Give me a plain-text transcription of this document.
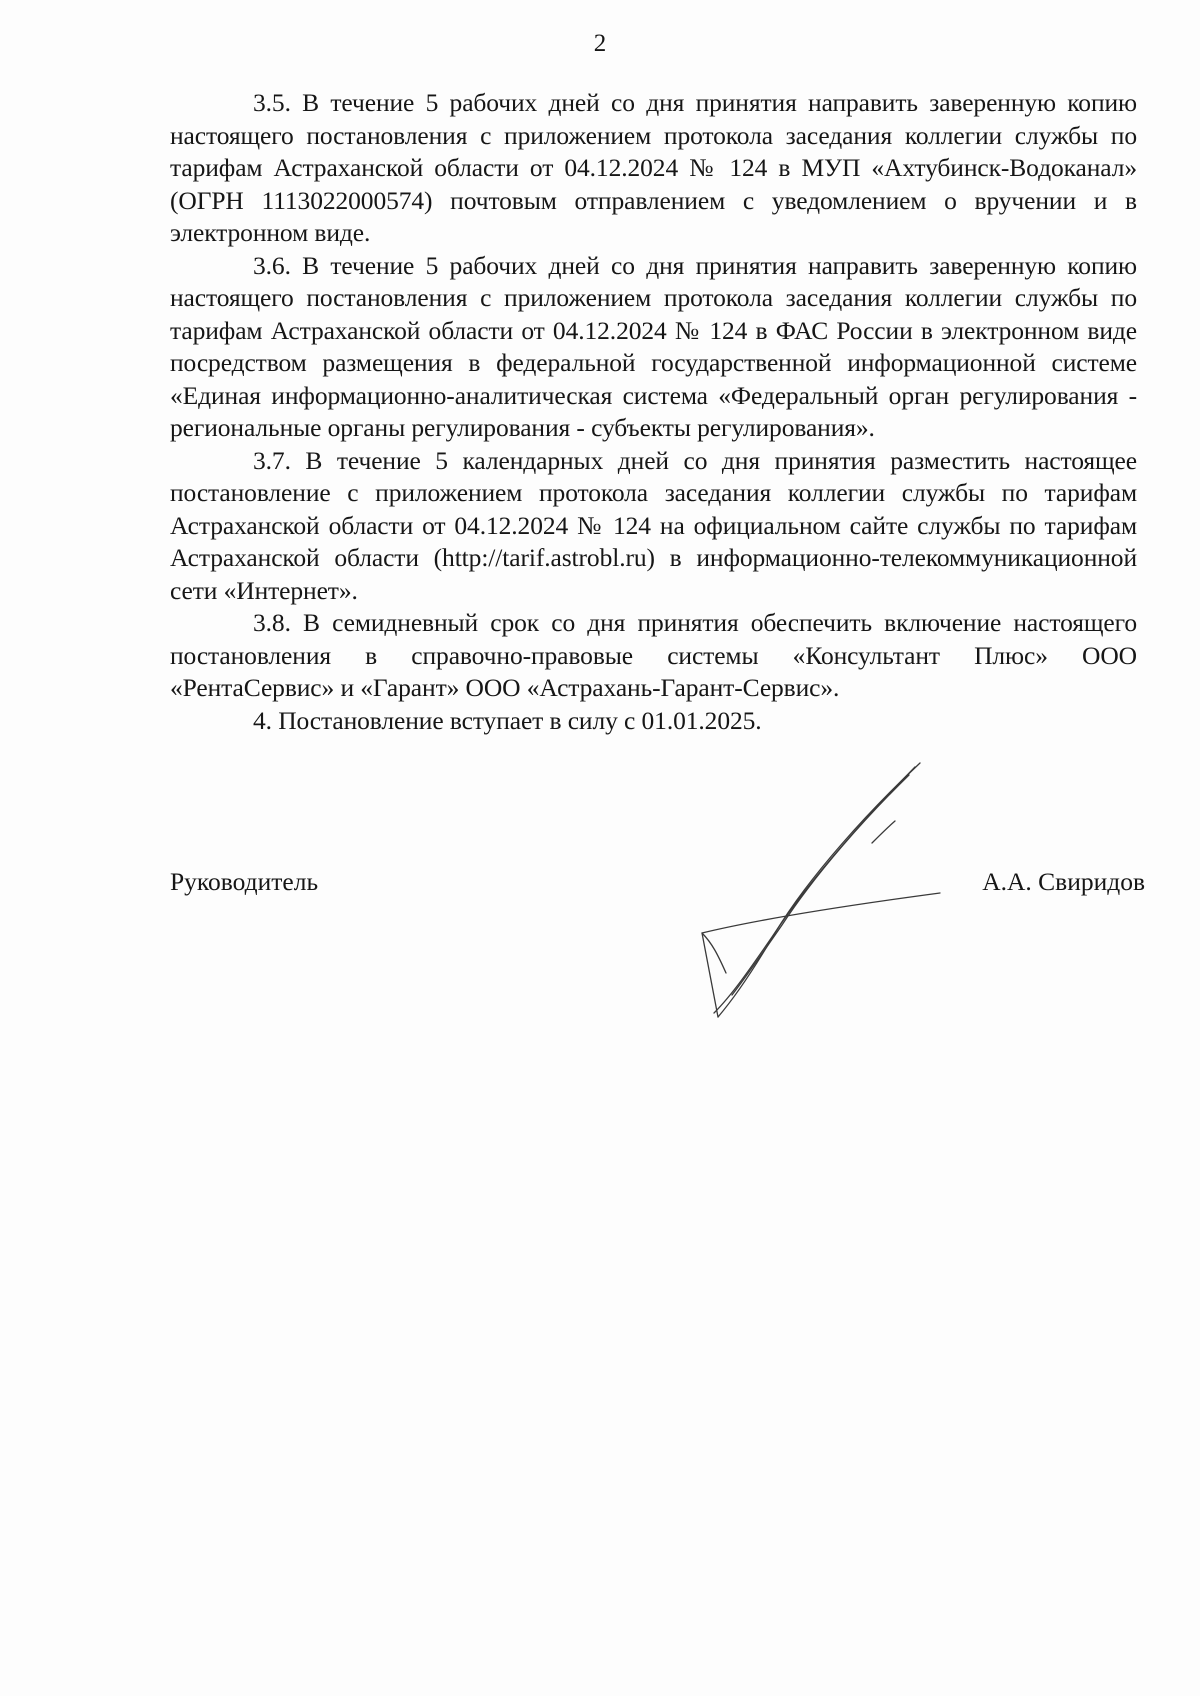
2

3.5. В течение 5 рабочих дней со дня принятия направить заверенную копию настоящего постановления с приложением протокола заседания коллегии службы по тарифам Астраханской области от 04.12.2024 № 124 в МУП «Ахтубинск-Водоканал» (ОГРН 1113022000574) почтовым отправлением с уведомлением о вручении и в электронном виде.

3.6. В течение 5 рабочих дней со дня принятия направить заверенную копию настоящего постановления с приложением протокола заседания коллегии службы по тарифам Астраханской области от 04.12.2024 № 124 в ФАС России в электронном виде посредством размещения в федеральной государственной информационной системе «Единая информационно-аналитическая система «Федеральный орган регулирования - региональные органы регулирования - субъекты регулирования».

3.7. В течение 5 календарных дней со дня принятия разместить настоящее постановление с приложением протокола заседания коллегии службы по тарифам Астраханской области от 04.12.2024 № 124 на официальном сайте службы по тарифам Астраханской области (http://tarif.astrobl.ru) в информационно-телекоммуникационной сети «Интернет».

3.8. В семидневный срок со дня принятия обеспечить включение настоящего постановления в справочно-правовые системы «Консультант Плюс» ООО «РентаСервис» и «Гарант» ООО «Астрахань-Гарант-Сервис».

4. Постановление вступает в силу с 01.01.2025.

Руководитель	А.А. Свиридов
